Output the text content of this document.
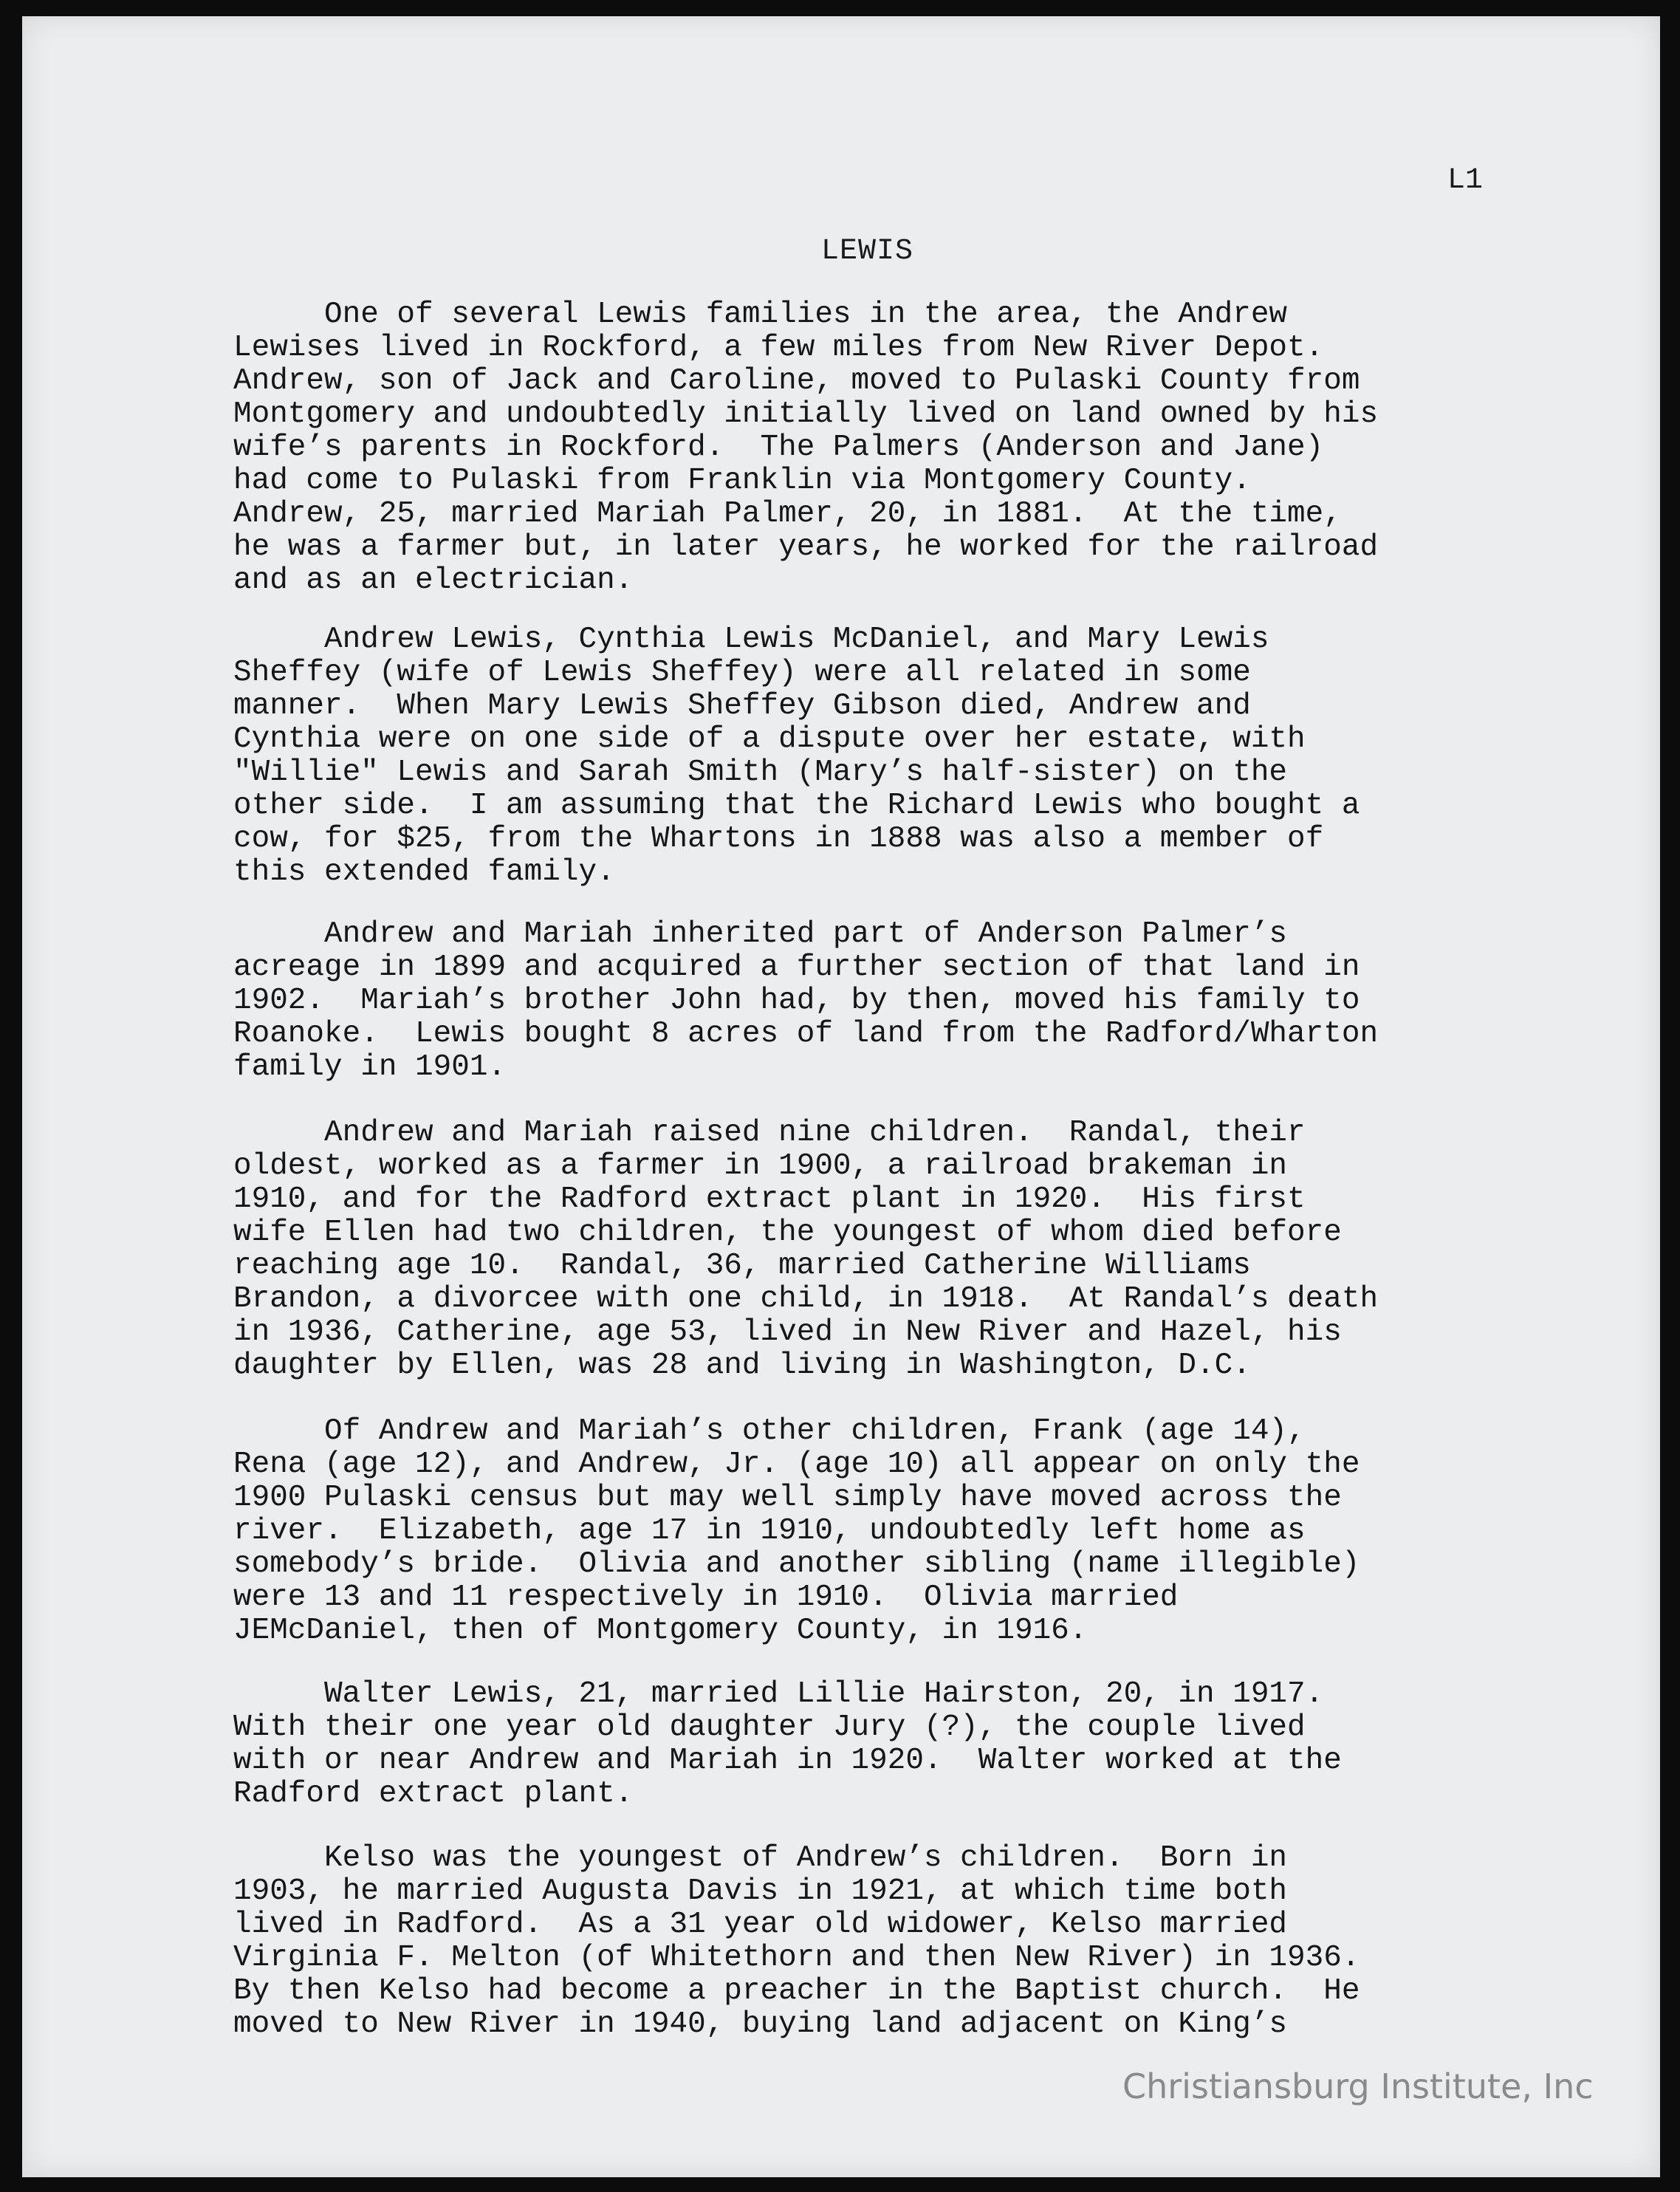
L1
LEWIS
One of several Lewis families in the area, the Andrew
Lewises lived in Rockford, a few miles from New River Depot.
Andrew, son of Jack and Caroline, moved to Pulaski County from
Montgomery and undoubtedly initially lived on land owned by his
wife’s parents in Rockford.  The Palmers (Anderson and Jane)
had come to Pulaski from Franklin via Montgomery County.
Andrew, 25, married Mariah Palmer, 20, in 1881.  At the time,
he was a farmer but, in later years, he worked for the railroad
and as an electrician.
Andrew Lewis, Cynthia Lewis McDaniel, and Mary Lewis
Sheffey (wife of Lewis Sheffey) were all related in some
manner.  When Mary Lewis Sheffey Gibson died, Andrew and
Cynthia were on one side of a dispute over her estate, with
"Willie" Lewis and Sarah Smith (Mary’s half-sister) on the
other side.  I am assuming that the Richard Lewis who bought a
cow, for $25, from the Whartons in 1888 was also a member of
this extended family.
Andrew and Mariah inherited part of Anderson Palmer’s
acreage in 1899 and acquired a further section of that land in
1902.  Mariah’s brother John had, by then, moved his family to
Roanoke.  Lewis bought 8 acres of land from the Radford/Wharton
family in 1901.
Andrew and Mariah raised nine children.  Randal, their
oldest, worked as a farmer in 1900, a railroad brakeman in
1910, and for the Radford extract plant in 1920.  His first
wife Ellen had two children, the youngest of whom died before
reaching age 10.  Randal, 36, married Catherine Williams
Brandon, a divorcee with one child, in 1918.  At Randal’s death
in 1936, Catherine, age 53, lived in New River and Hazel, his
daughter by Ellen, was 28 and living in Washington, D.C.
Of Andrew and Mariah’s other children, Frank (age 14),
Rena (age 12), and Andrew, Jr. (age 10) all appear on only the
1900 Pulaski census but may well simply have moved across the
river.  Elizabeth, age 17 in 1910, undoubtedly left home as
somebody’s bride.  Olivia and another sibling (name illegible)
were 13 and 11 respectively in 1910.  Olivia married
JEMcDaniel, then of Montgomery County, in 1916.
Walter Lewis, 21, married Lillie Hairston, 20, in 1917.
With their one year old daughter Jury (?), the couple lived
with or near Andrew and Mariah in 1920.  Walter worked at the
Radford extract plant.
Kelso was the youngest of Andrew’s children.  Born in
1903, he married Augusta Davis in 1921, at which time both
lived in Radford.  As a 31 year old widower, Kelso married
Virginia F. Melton (of Whitethorn and then New River) in 1936.
By then Kelso had become a preacher in the Baptist church.  He
moved to New River in 1940, buying land adjacent on King’s
Christiansburg Institute, Inc
